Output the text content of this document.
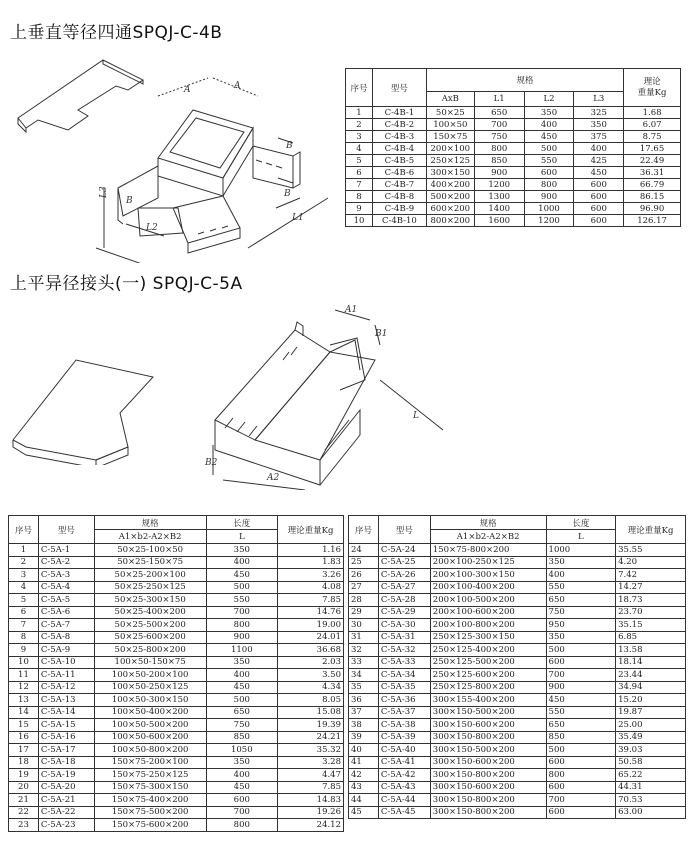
上垂直等径四通SPQJ-C-4B
A	A
B
B
B
L3
L1
L2
序号	型号	规格				理论
重量Kg
		AxB	L1	L2	L3	
1	C-4B-1	50×25	650	350	325	1.68
2	C-4B-2	100×50	700	400	350	6.07
3	C-4B-3	150×75	750	450	375	8.75
4	C-4B-4	200×100	800	500	400	17.65
5	C-4B-5	250×125	850	550	425	22.49
6	C-4B-6	300×150	900	600	450	36.31
7	C-4B-7	400×200	1200	800	600	66.79
8	C-4B-8	500×200	1300	900	600	86.15
9	C-4B-9	600×200	1400	1000	600	96.90
10	C-4B-10	800×200	1600	1200	600	126.17
上平异径接头(一) SPQJ-C-5A
A1
B1
L
B2
A2
序号	型号	规格	长度	理论重量Kg
		A1×b2-A2×B2	L	
1	C-5A-1	50×25-100×50	350	1.16
2	C-5A-2	50×25-150×75	400	1.83
3	C-5A-3	50×25-200×100	450	3.26
4	C-5A-4	50×25-250×125	500	4.08
5	C-5A-5	50×25-300×150	550	7.85
6	C-5A-6	50×25-400×200	700	14.76
7	C-5A-7	50×25-500×200	800	19.00
8	C-5A-8	50×25-600×200	900	24.01
9	C-5A-9	50×25-800×200	1100	36.68
10	C-5A-10	100×50-150×75	350	2.03
11	C-5A-11	100×50-200×100	400	3.50
12	C-5A-12	100×50-250×125	450	4.34
13	C-5A-13	100×50-300×150	500	8.05
14	C-5A-14	100×50-400×200	650	15.08
15	C-5A-15	100×50-500×200	750	19.39
16	C-5A-16	100×50-600×200	850	24.21
17	C-5A-17	100×50-800×200	1050	35.32
18	C-5A-18	150×75-200×100	350	3.28
19	C-5A-19	150×75-250×125	400	4.47
20	C-5A-20	150×75-300×150	450	7.85
21	C-5A-21	150×75-400×200	600	14.83
22	C-5A-22	150×75-500×200	700	19.26
23	C-5A-23	150×75-600×200	800	24.12
序号	型号	规格	长度	理论重量Kg
		A1×b2-A2×B2	L	
24	C-5A-24	150×75-800×200	1000	35.55
25	C-5A-25	200×100-250×125	350	4.20
26	C-5A-26	200×100-300×150	400	7.42
27	C-5A-27	200×100-400×200	550	14.27
28	C-5A-28	200×100-500×200	650	18.73
29	C-5A-29	200×100-600×200	750	23.70
30	C-5A-30	200×100-800×200	950	35.15
31	C-5A-31	250×125-300×150	350	6.85
32	C-5A-32	250×125-400×200	500	13.58
33	C-5A-33	250×125-500×200	600	18.14
34	C-5A-34	250×125-600×200	700	23.44
35	C-5A-35	250×125-800×200	900	34.94
36	C-5A-36	300×155-400×200	450	15.20
37	C-5A-37	300×150-500×200	550	19.87
38	C-5A-38	300×150-600×200	650	25.00
39	C-5A-39	300×150-800×200	850	35.49
40	C-5A-40	300×150-500×200	500	39.03
41	C-5A-41	300×150-600×200	600	50.58
42	C-5A-42	300×150-800×200	800	65.22
43	C-5A-43	300×150-600×200	600	44.31
44	C-5A-44	300×150-800×200	700	70.53
45	C-5A-45	300×150-800×200	600	63.00
